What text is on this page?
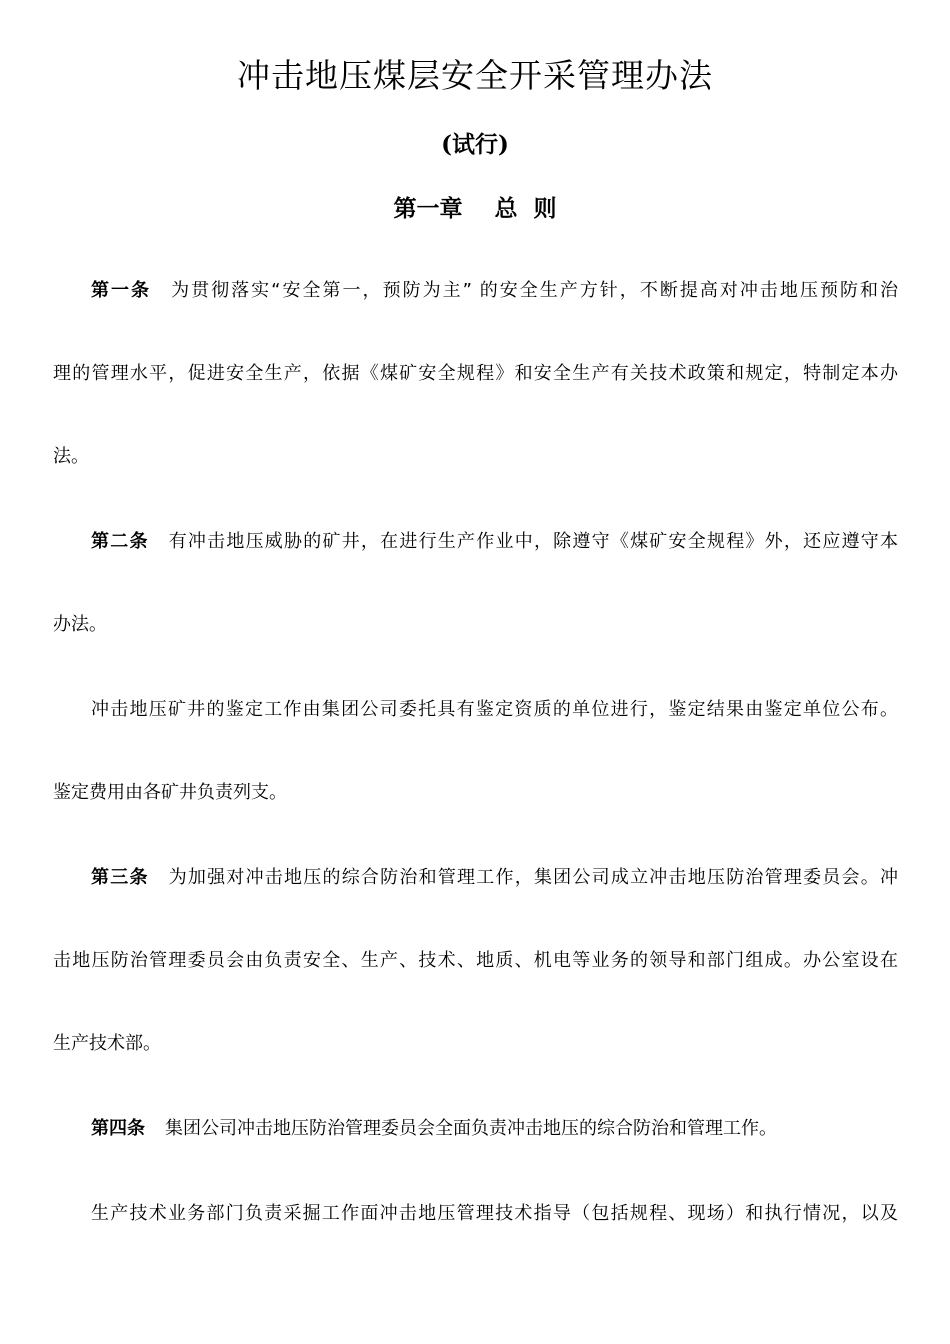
冲击地压煤层安全开采管理办法
(试行)
第一章    总  则

第一条 为贯彻落实“安全第一，预防为主” 的安全生产方针，不断提高对冲击地压预防和治

理的管理水平，促进安全生产，依据《煤矿安全规程》和安全生产有关技术政策和规定，特制定本办

法。

第二条 有冲击地压威胁的矿井，在进行生产作业中，除遵守《煤矿安全规程》外，还应遵守本

办法。

冲击地压矿井的鉴定工作由集团公司委托具有鉴定资质的单位进行，鉴定结果由鉴定单位公布。

鉴定费用由各矿井负责列支。

第三条 为加强对冲击地压的综合防治和管理工作，集团公司成立冲击地压防治管理委员会。冲

击地压防治管理委员会由负责安全、生产、技术、地质、机电等业务的领导和部门组成。办公室设在

生产技术部。

第四条 集团公司冲击地压防治管理委员会全面负责冲击地压的综合防治和管理工作。

生产技术业务部门负责采掘工作面冲击地压管理技术指导（包括规程、现场）和执行情况，以及
